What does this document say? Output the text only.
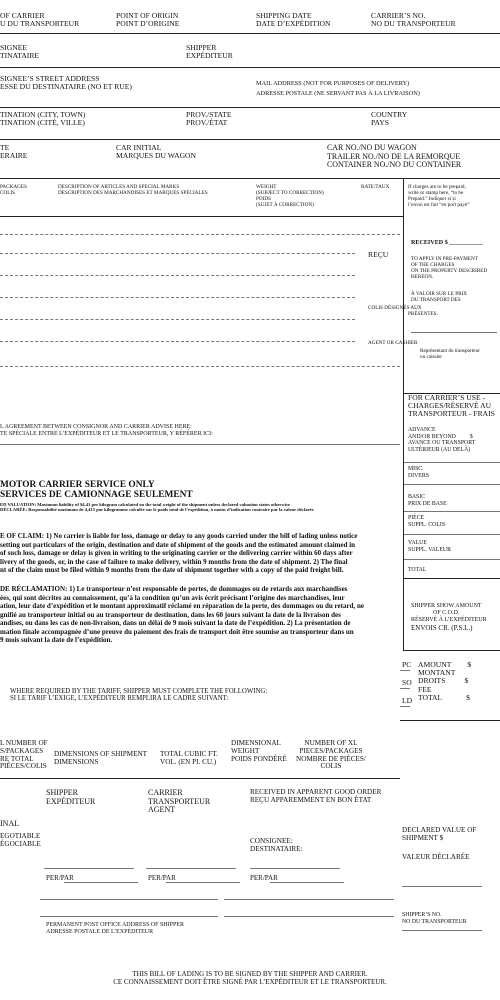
OF CARRIER
U DU TRANSPORTEUR
POINT OF ORIGIN
POINT D’ORIGINE
SHIPPING DATE
DATE D’EXPÉDITION
CARRIER’S NO.
NO DU TRANSPORTEUR
SIGNEE
TINATAIRE
SHIPPER
EXPÉDITEUR
SIGNEE’S STREET ADDRESS
ESSE DU DESTINATAIRE (NO ET RUE)	MAIL ADDRESS (NOT FOR PURPOSES OF DELIVERY)
ADRESSE POSTALE (NE SERVANT PAS À LA LIVRAISON)
TINATION (CITY, TOWN)
TINATION (CITÉ, VILLE)
PROV./STATE
PROV./ÉTAT
COUNTRY
PAYS
TE
ERAIRE
CAR INITIAL
MARQUES DU WAGON
CAR NO./NO DU WAGON
TRAILER NO./NO DE LA REMORQUE
CONTAINER NO./NO DU CONTAINER
PACKAGES
COLIS
DESCRIPTION OF ARTICLES AND SPECIAL MARKS
DESCRIPTION DES MARCHANDISES ET MARQUES SPÉCIALES
WEIGHT
(SUBJECT TO CORRECTION)
POIDS
(SUJET À CORRECTION)
RATE/TAUX	If charges are to be prepaid,
write or stamp here, “to be
Prepaid.” Indiquer si si
l’envoi est fait “en port payé”
REÇU
RECEIVED $ ___________
TO APPLY IN PRE-PAYMENT
OF THE CHARGES
ON THE PROPERTY DESCRIBED
HEREON.
À VALOIR SUR LE PRIX
DU TRANSPORT DES
COLIS DÉSIGNÉS AUX
PRÉSENTES.
AGENT OR CASHIER
Représentant du transporteur
ou caissier
FOR CARRIER’S USE -
CHARGES/RÉSERVÉ AU
TRANSPORTEUR - FRAIS
ADVANCE
AND/OR BEYOND $
AVANCE OU TRANSPORT
ULTÉRIEUR (AU DELÀ)
MISC.
DIVERS
BASIC
PRIX DE BASE
PIÈCE
SUPPL. COLIS
VALUE
SUPPL. VALEUR
TOTAL
L AGREEMENT BETWEEN CONSIGNOR AND CARRIER ADVISE HERE:
TE SPÉCIALE ENTRE L’EXPÉDITEUR ET LE TRANSPORTEUR, Y RÉFÉRER ICI:
MOTOR CARRIER SERVICE ONLY
SERVICES DE CAMIONNAGE SEULEMENT
ED VALUATION: Maximum liability of $4.41 per kilogram calculated on the total weight of the shipment unless declared valuation states otherwise
DÉCLARÉE: Responsabilité maximum de 4,415 par kilogramme calculée sur le poids total de l’expédition, à moins d’indication contraire par la valeur déclarée
E OF CLAIM: 1) No carrier is liable for loss, damage or delay to any goods carried under the bill of lading unless notice
setting out particulars of the origin, destination and date of shipment of the goods and the estimated amount claimed in
of such loss, damage or delay is given in writing to the originating carrier or the delivering carrier within 60 days after
livery of the goods, or, in the case of failure to make delivery, within 9 months from the date of shipment. 2) The final
nt of the claim must be filed within 9 months from the date of shipment together with a copy of the paid freight bill.
DE RÉCLAMATION: 1) Le transporteur n’est responsable de pertes, de dommages ou de retards aux marchandises
ées, qui sont décrites au connaissement, qu’à la condition qu’un avis écrit précisant l’origine des marchandises, leur
ation, leur date d’expédition et le montant approximatif réclamé en réparation de la perte, des dommages ou du retard, ne
gnifié au transporteur initial ou au transporteur de destination, dans les 60 jours suivant la date de la livraison des
andises, ou dans les cas de non-livraison, dans un délai de 9 mois suivant la date de l’expédition. 2) La présentation de
mation finale accompagnée d’une preuve du paiement des frais de transport doit être soumise au transporteur dans un
9 mois suivant la date de l’expédition.
SHIPPER SHOW AMOUNT
OF C.O.D.
RÉSERVÉ À L’EXPÉDITEUR
ENVOIS CR. (P.S.L.)
PC
SO
LD
AMOUNT $
MONTANT
DROITS	$
FEE
TOTAL	$
WHERE REQUIRED BY THE TARIFF, SHIPPER MUST COMPLETE THE FOLLOWING:
SI LE TARIF L’EXIGE, L’EXPÉDITEUR REMPLIRA LE CADRE SUIVANT:
L NUMBER OF
S/PACKAGES
RE TOTAL
PIÈCES/COLIS
DIMENSIONS OF SHIPMENT
DIMENSIONS
TOTAL CUBIC FT.
VOL. (EN PI. CU.)
DIMENSIONAL
WEIGHT
POIDS PONDÉRÉ
NUMBER OF XL
PIECES/PACKAGES
NOMBRE DE PIÈCES/
COLIS
SHIPPER
EXPÉDITEUR
CARRIER
TRANSPORTEUR
AGENT
RECEIVED IN APPARENT GOOD ORDER
REÇU APPAREMMENT EN BON ÉTAT
INAL
EGOTIABLE
ÉGOCIABLE	CONSIGNEE:
DESTINATAIRE:
DECLARED VALUE OF
SHIPMENT $
VALEUR DÉCLARÉE
PER/PAR	PER/PAR	PER/PAR
SHIPPER’S NO.
NO DU TRANSPORTEUR
PERMANENT POST OFFICE ADDRESS OF SHIPPER
ADRESSE POSTALE DE L’EXPÉDITEUR
THIS BILL OF LADING IS TO BE SIGNED BY THE SHIPPER AND CARRIER.
CE CONNAISSEMENT DOIT ÊTRE SIGNÉ PAR L’EXPÉDITEUR ET LE TRANSPORTEUR.
